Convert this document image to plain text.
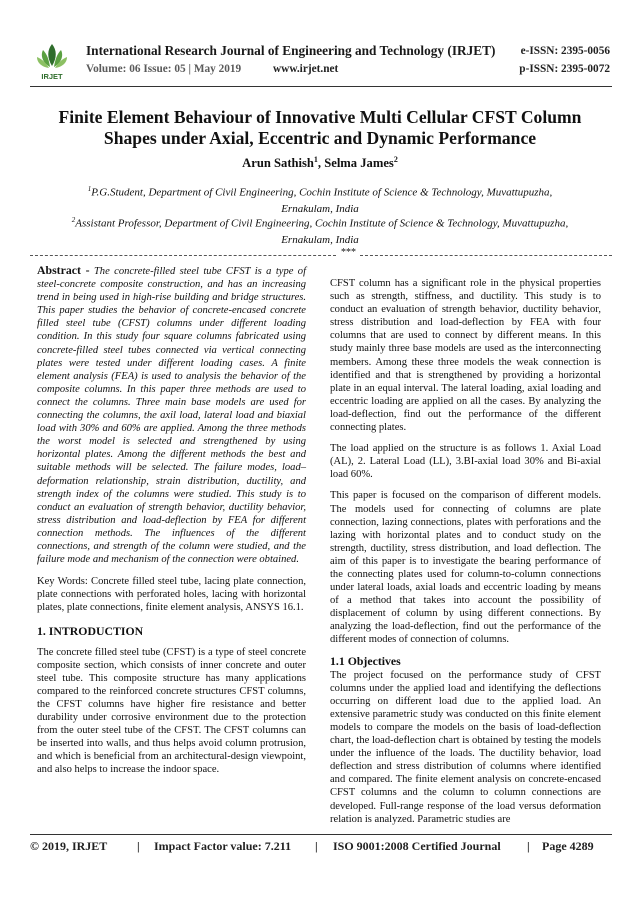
IRJET
International Research Journal of Engineering and Technology (IRJET)
Volume: 06 Issue: 05 | May 2019	www.irjet.net
e-ISSN: 2395-0056
p-ISSN: 2395-0072
Finite Element Behaviour of Innovative Multi Cellular CFST Column
Shapes under Axial, Eccentric and Dynamic Performance
Arun Sathish$^1$, Selma James$^2$
$^1$P.G.Student, Department of Civil Engineering, Cochin Institute of Science & Technology, Muvattupuzha,
Ernakulam, India
$^2$Assistant Professor, Department of Civil Engineering, Cochin Institute of Science & Technology, Muvattupuzha,
Ernakulam, India
***

Abstract - The concrete-filled steel tube CFST is a type of steel-concrete composite construction, and has an increasing trend in being used in high-rise building and bridge structures. This paper studies the behavior of concrete-encased concrete filled steel tube (CFST) columns under different loading condition. In this study four square columns fabricated using concrete-filled steel tubes connected via vertical connecting plates were tested under different loading cases. A finite element analysis (FEA) is used to analysis the behavior of the composite columns. In this paper three methods are used to connect the columns. Three main base models are used for connecting the columns, the axil load, lateral load and biaxial load with 30% and 60% are applied. Among the three methods the worst model is selected and strengthened by using horizontal plates. Among the different methods the best and suitable methods will be selected. The failure modes, load–deformation relationship, strain distribution, ductility, and strength index of the columns were studied. This study is to conduct an evaluation of strength behavior, ductility behavior, stress distribution and load-deflection by FEA for different connection methods. The influences of the different connections, and strength of the column were studied, and the failure mode and mechanism of the connection were obtained.

Key Words: Concrete filled steel tube, lacing plate connection, plate connections with perforated holes, lacing with horizontal plates, plate connections, finite element analysis, ANSYS 16.1.

1. INTRODUCTION

The concrete filled steel tube (CFST) is a type of steel concrete composite section, which consists of inner concrete and outer steel tube. This composite structure has many applications compared to the reinforced concrete structures CFST columns, the CFST columns have higher fire resistance and better durability under corrosive environment due to the protection from the outer steel tube of the CFST. The CFST columns can be inserted into walls, and thus helps avoid column protrusion, and which is beneficial from an architectural-design viewpoint, and also helps to increase the indoor space.

CFST column has a significant role in the physical properties such as strength, stiffness, and ductility. This study is to conduct an evaluation of strength behavior, ductility behavior, stress distribution and load-deflection by FEA with four columns that are used to connect by different means. In this study mainly three base models are used as the interconnecting members. Among these three models the weak connection is identified and that is strengthened by providing a horizontal plate in an equal interval. The lateral loading, axial loading and eccentric loading are applied on all the cases. By analyzing the load-deflection, find out the performance of the different connecting plates.

The load applied on the structure is as follows 1. Axial Load (AL), 2. Lateral Load (LL), 3.BI-axial load 30% and Bi-axial load 60%.

This paper is focused on the comparison of different models. The models used for connecting of columns are plate connection, lazing connections, plates with perforations and the lazing with horizontal plates and to conduct study on the strength, ductility, stress distribution, and load deflection. The aim of this paper is to investigate the bearing performance of the connecting plates used for column-to-column connections under lateral loads, axial loads and eccentric loading by means of a method that takes into account the possibility of displacement of column by using different connections. By analyzing the load-deflection, find out the performance of the different modes of connection of columns.

1.1 Objectives

The project focused on the performance study of CFST columns under the applied load and identifying the deflections occurring on different load due to the applied load. An extensive parametric study was conducted on this finite element models to compare the models on the basis of load-deflection chart, the load-deflection chart is obtained by testing the models under the influence of the loads. The ductility behavior, load deflection and stress distribution of columns where identified and compared. The finite element analysis on concrete-encased CFST columns and the column to column connections are developed. Full-range response of the load versus deformation relation is analyzed. Parametric studies are

© 2019, IRJET | Impact Factor value: 7.211 | ISO 9001:2008 Certified Journal | Page 4289
